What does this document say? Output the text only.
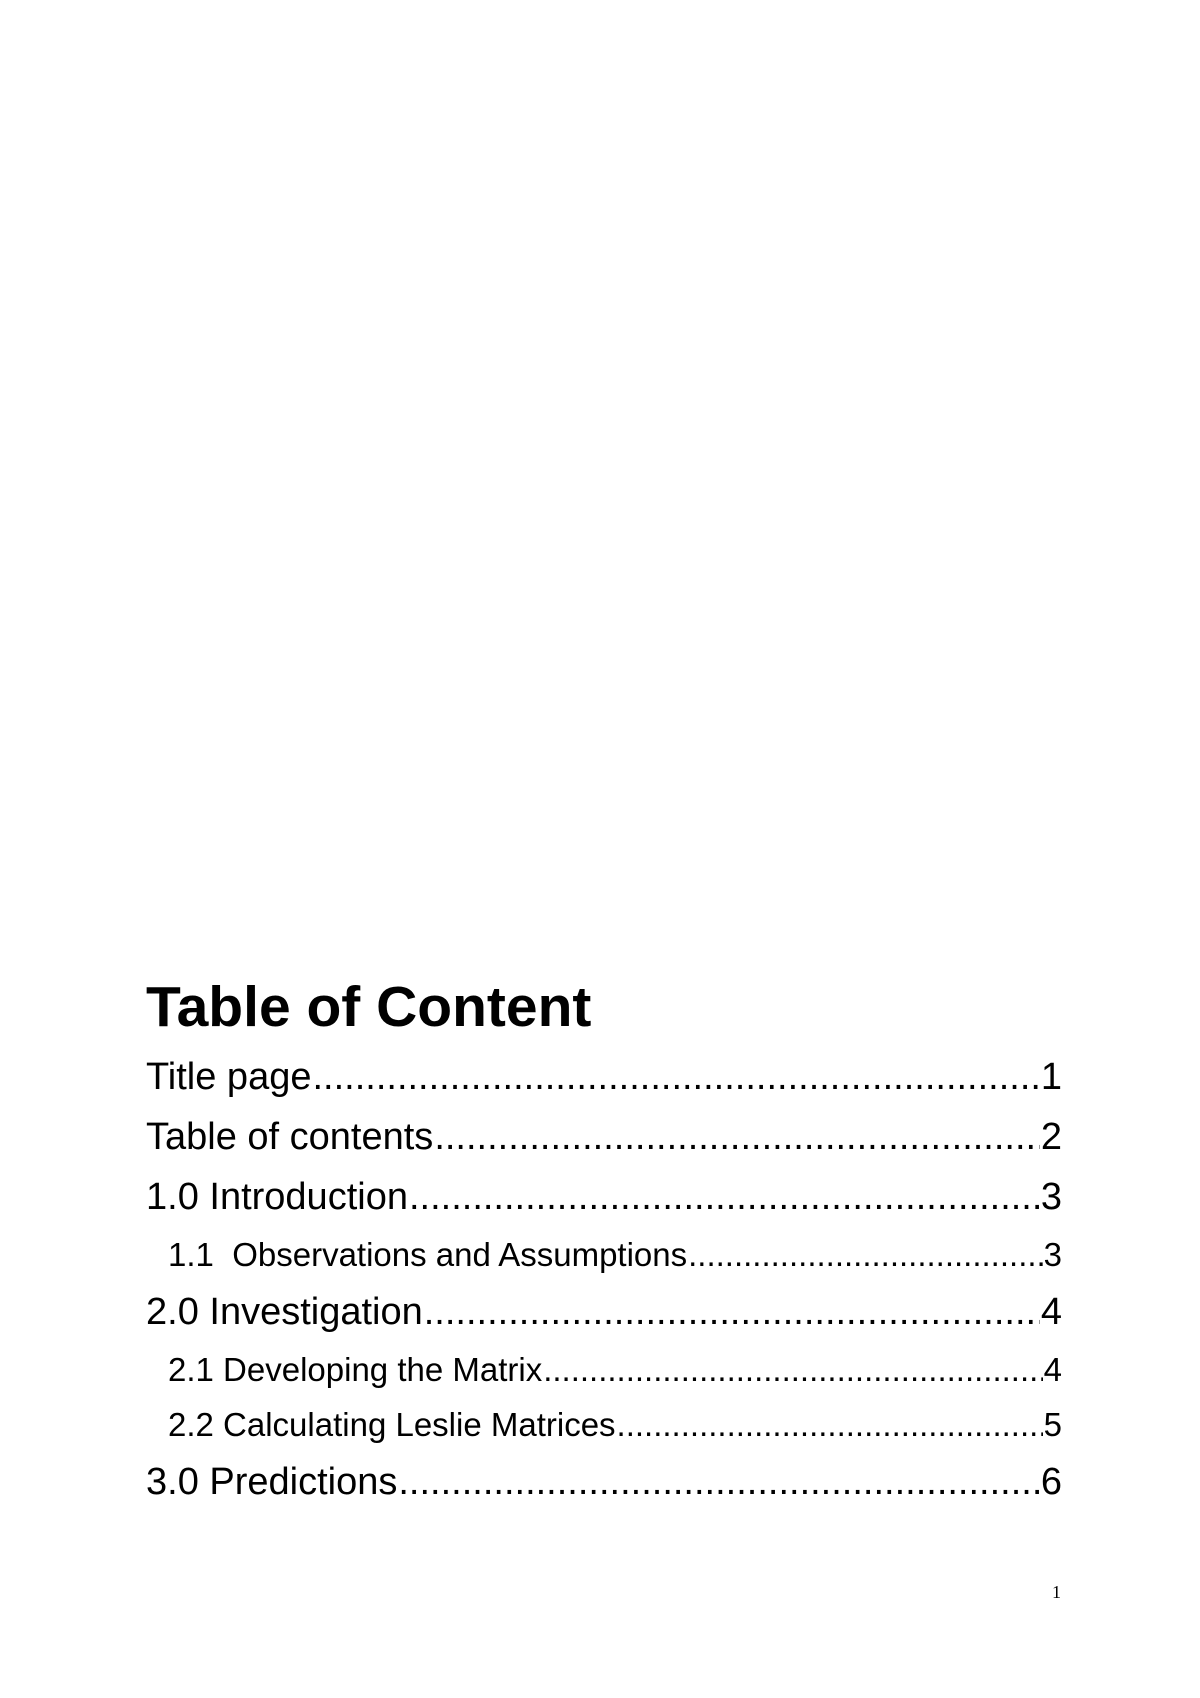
Table of Content
Title page .....	1
Table of contents .....	2
1.0 Introduction .....	3
1.1  Observations and Assumptions .....	3
2.0 Investigation .....	4
2.1 Developing the Matrix .....	4
2.2 Calculating Leslie Matrices .....	5
3.0 Predictions .....	6
1
